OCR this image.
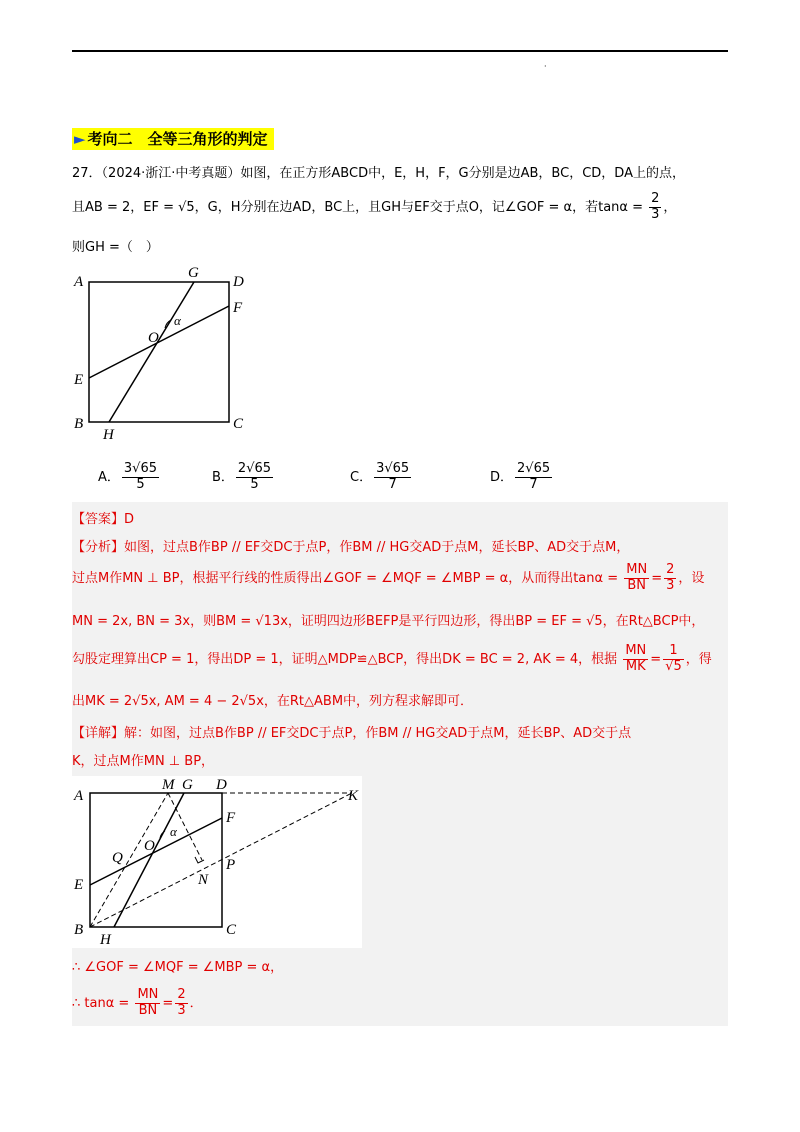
·
► 考向二　全等三角形的判定
27．（2024·浙江·中考真题）如图，在正方形ABCD中，E，H，F，G分别是边AB，BC，CD，DA上的点，
且AB = 2，EF = √5，G，H分别在边AD，BC上，且GH与EF交于点O，记∠GOF = α，若$\tan\alpha = \frac{2}{3}$ ，
则GH =（　）
A
G
D
F
O
α
E
B
H
C
A． $\frac{3√65}{5}$	B． $\frac{2√65}{5}$	C． $\frac{3√65}{7}$	D． $\frac{2√65}{7}$
【答案】D
【分析】如图，过点B作BP // EF交DC于点P，作BM // HG交AD于点M，延长BP、AD交于点M，
过点M作MN ⊥ BP，根据平行线的性质得出∠GOF = ∠MQF = ∠MBP = α，从而得出$\tan\alpha = \frac{MN}{BN} = \frac{2}{3}$ ，设
MN = 2x, BN = 3x，则BM = √13x，证明四边形BEFP是平行四边形，得出BP = EF = √5，在Rt△BCP中，
勾股定理算出CP = 1，得出DP = 1，证明△MDP≌△BCP，得出DK = BC = 2, AK = 4，根据 $\frac{MN}{MK} = \frac{1}{√5}$ ，得
出MK = 2√5x, AM = 4 − 2√5x，在Rt△ABM中，列方程求解即可．
【详解】解：如图，过点B作BP // EF交DC于点P，作BM // HG交AD于点M，延长BP、AD交于点
K，过点M作MN ⊥ BP，
A
M G D
K
F
Q
O
α
P
N
E
B
H
C
∴ ∠GOF = ∠MQF = ∠MBP = α，
∴ $\tan\alpha = \frac{MN}{BN} = \frac{2}{3}$ ．
